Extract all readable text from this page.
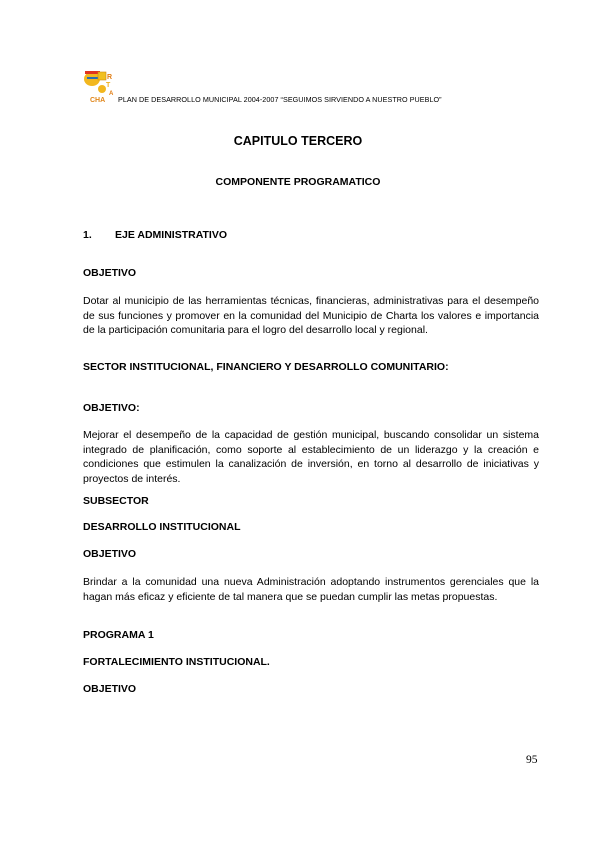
R
T
A
CHA PLAN DE DESARROLLO MUNICIPAL 2004-2007 “SEGUIMOS SIRVIENDO A NUESTRO PUEBLO”
CAPITULO TERCERO
COMPONENTE PROGRAMATICO
1. EJE ADMINISTRATIVO
OBJETIVO
Dotar al municipio de las herramientas técnicas, financieras, administrativas para el desempeño de sus funciones y promover en la comunidad del Municipio de Charta los valores e importancia de la participación comunitaria para el logro del desarrollo local y regional.
SECTOR INSTITUCIONAL, FINANCIERO Y DESARROLLO COMUNITARIO:
OBJETIVO:
Mejorar el desempeño de la capacidad de gestión municipal, buscando consolidar un sistema integrado de planificación, como soporte al establecimiento de un liderazgo y la creación e condiciones que estimulen la canalización de inversión, en torno al desarrollo de iniciativas y proyectos de interés.
SUBSECTOR
DESARROLLO INSTITUCIONAL
OBJETIVO
Brindar a la comunidad una nueva Administración adoptando instrumentos gerenciales que la hagan más eficaz y eficiente de tal manera que se puedan cumplir las metas propuestas.
PROGRAMA 1
FORTALECIMIENTO INSTITUCIONAL.
OBJETIVO
95
